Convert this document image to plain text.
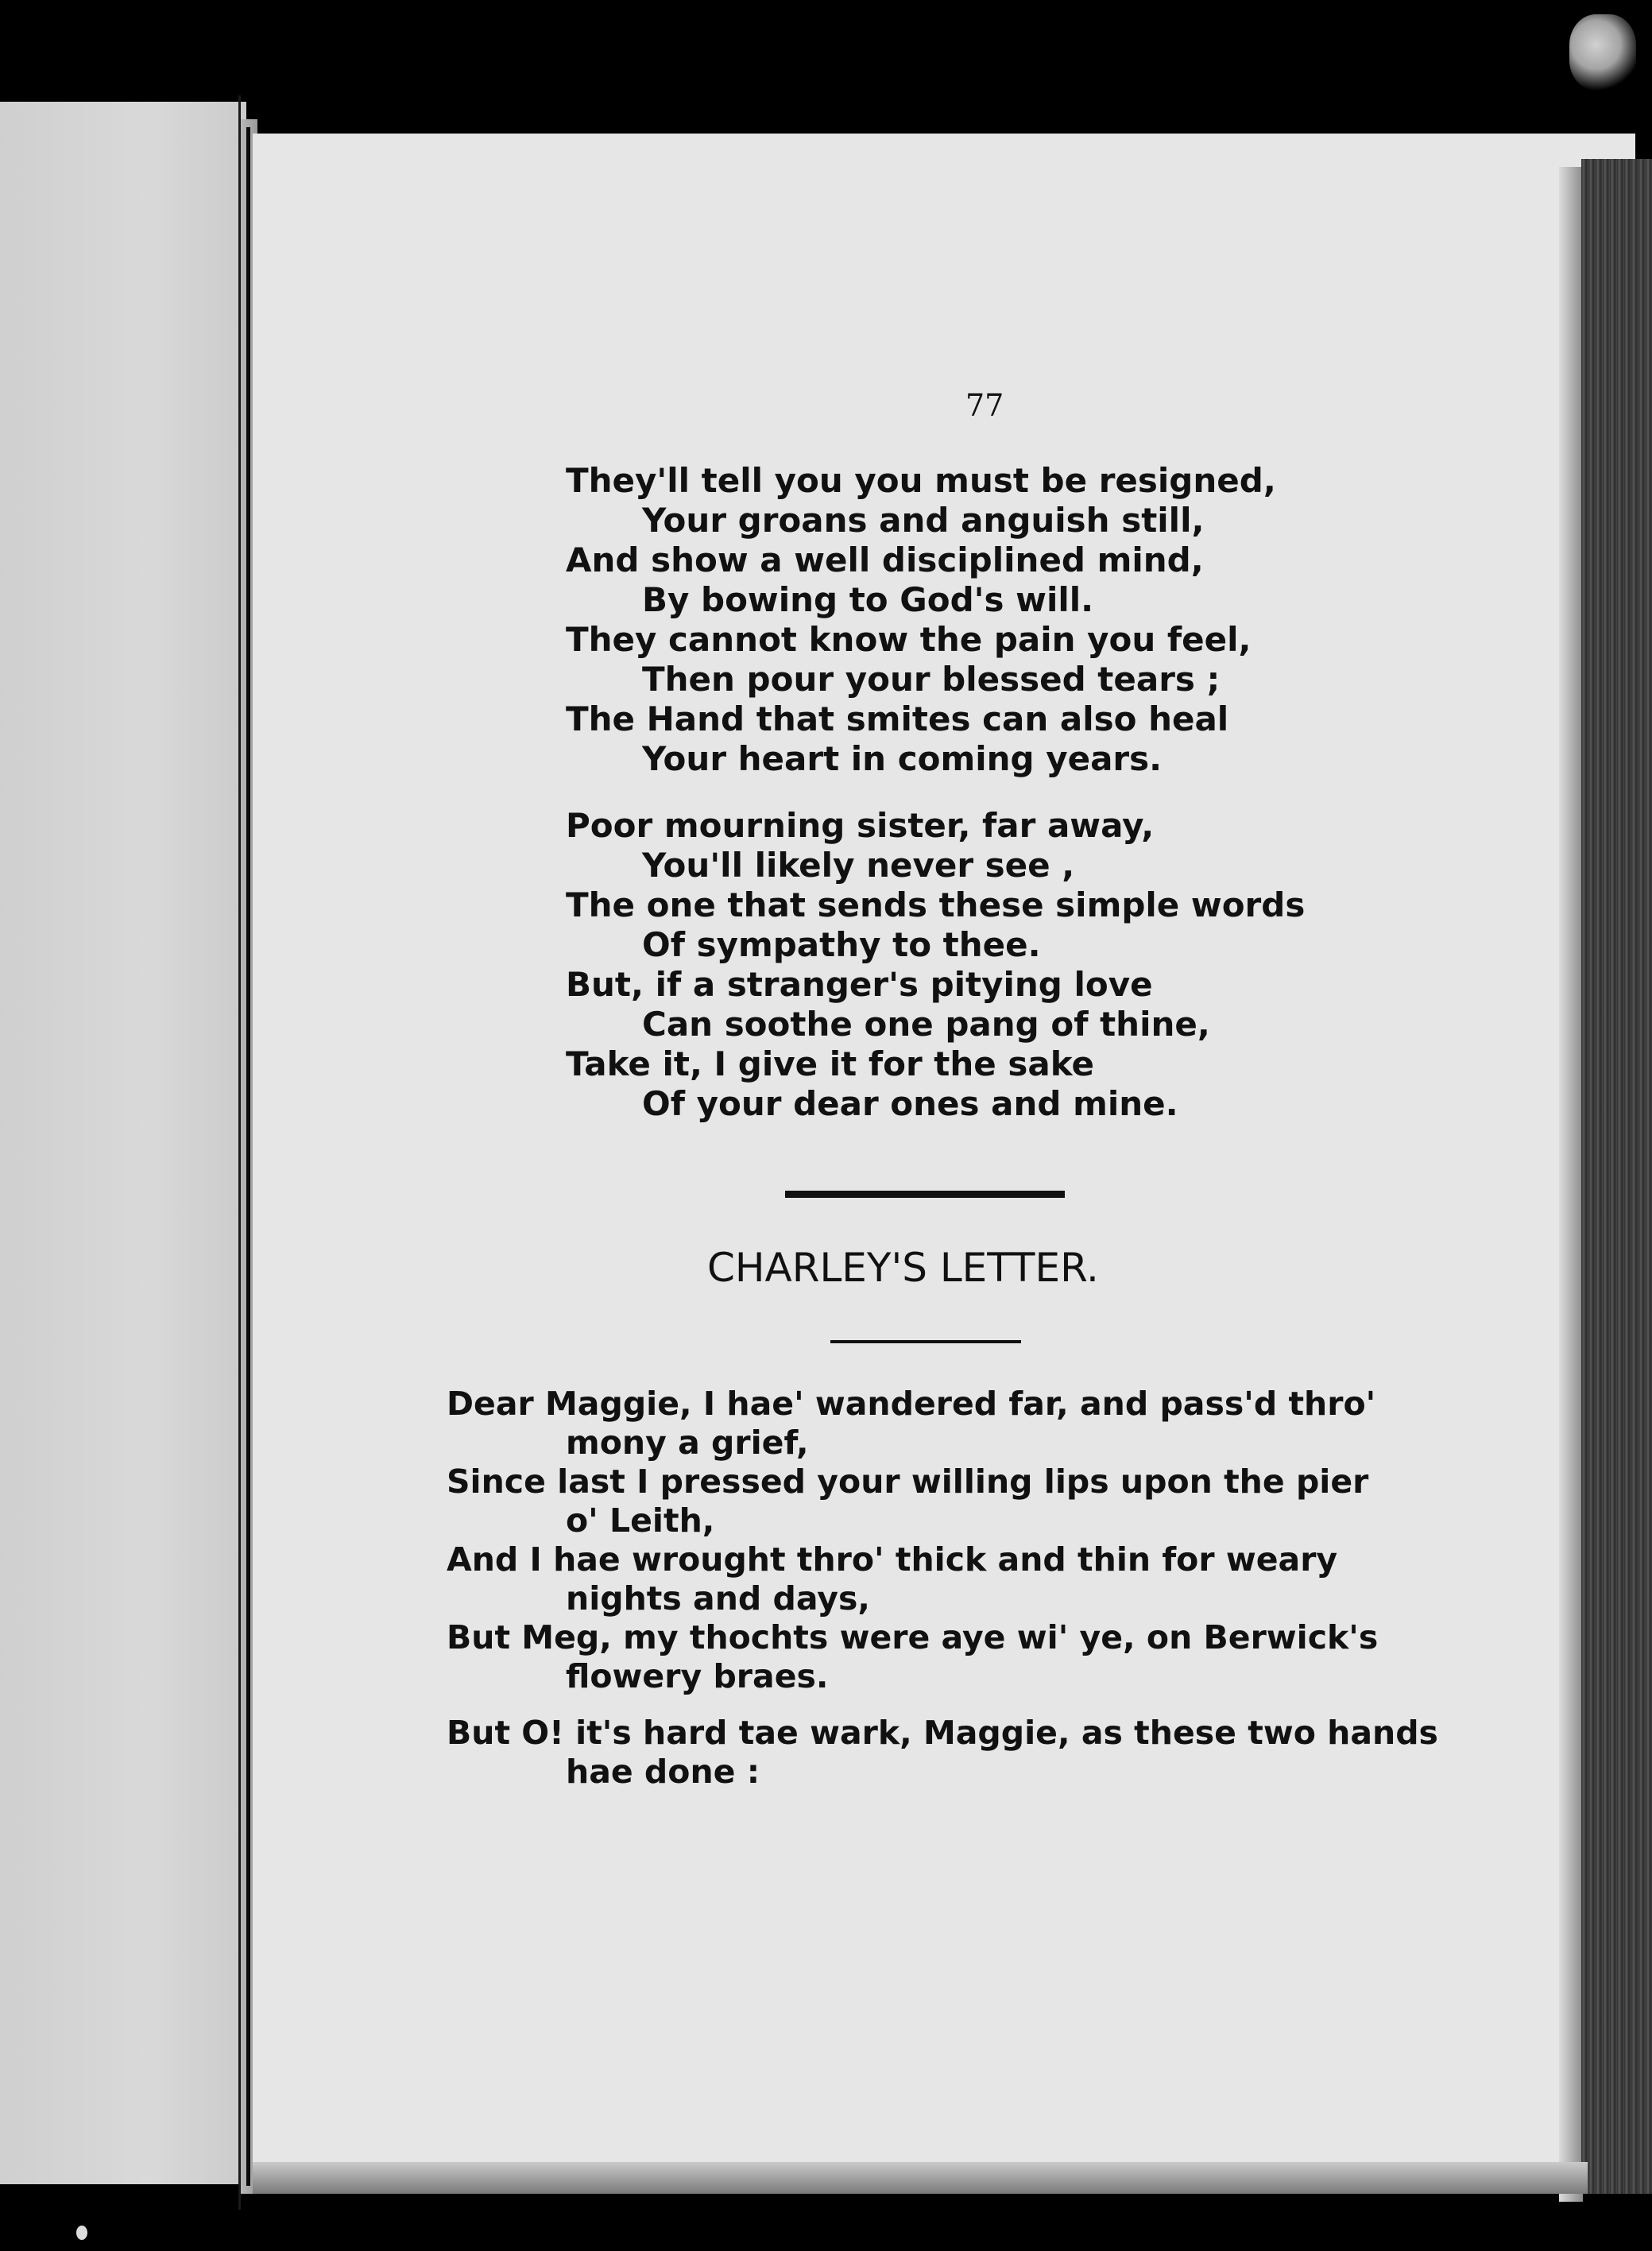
77
They'll tell you you must be resigned,
Your groans and anguish still,
And show a well disciplined mind,
By bowing to God's will.
They cannot know the pain you feel,
Then pour your blessed tears ;
The Hand that smites can also heal
Your heart in coming years.
Poor mourning sister, far away,
You'll likely never see ,
The one that sends these simple words
Of sympathy to thee.
But, if a stranger's pitying love
Can soothe one pang of thine,
Take it, I give it for the sake
Of your dear ones and mine.
CHARLEY'S LETTER.
Dear Maggie, I hae' wandered far, and pass'd thro'
mony a grief,
Since last I pressed your willing lips upon the pier
o' Leith,
And I hae wrought thro' thick and thin for weary
nights and days,
But Meg, my thochts were aye wi' ye, on Berwick's
flowery braes.
But O! it's hard tae wark, Maggie, as these two hands
hae done :
